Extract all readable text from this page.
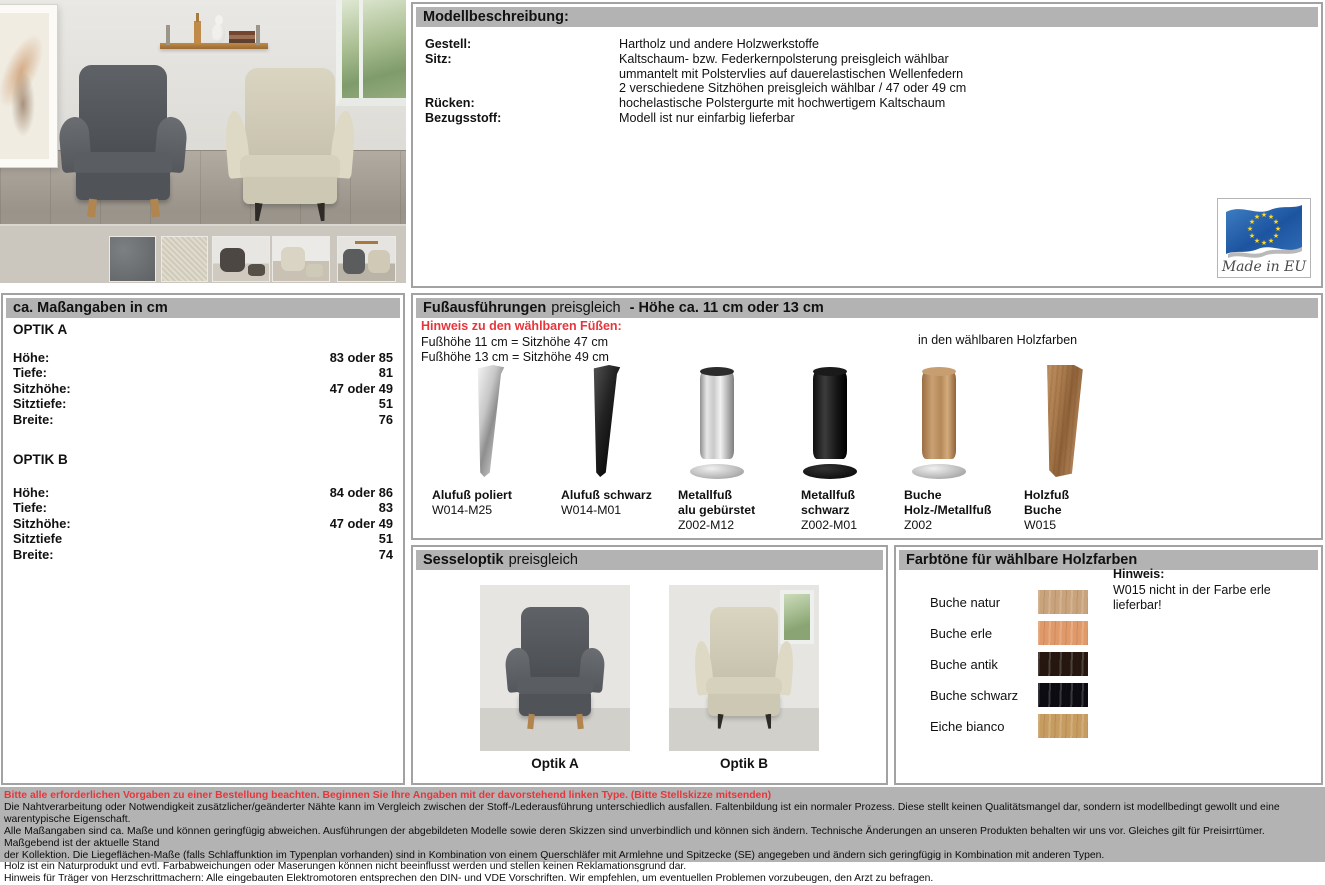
Modellbeschreibung:
Gestell:	Hartholz und andere Holzwerkstoffe
Sitz:	Kaltschaum- bzw. Federkernpolsterung preisgleich wählbar
ummantelt mit Polstervlies auf dauerelastischen Wellenfedern
2 verschiedene Sitzhöhen preisgleich wählbar / 47 oder 49 cm
Rücken:	hochelastische Polstergurte mit hochwertigem Kaltschaum
Bezugsstoff:	Modell ist nur einfarbig lieferbar
★ ★
★
★
★
★
★
★
★
★
★
★
Made in EU
ca. Maßangaben in cm
OPTIK A
Höhe:	83 oder 85
Tiefe:	81
Sitzhöhe:	47 oder 49
Sitztiefe:	51
Breite:	76
OPTIK B
Höhe:	84 oder 86
Tiefe:	83
Sitzhöhe:	47 oder 49
Sitztiefe	51
Breite:	74
Fußausführungen preisgleich - Höhe ca. 11 cm oder 13 cm
Hinweis zu den wählbaren Füßen:
Fußhöhe 11 cm = Sitzhöhe 47 cm
Fußhöhe 13 cm = Sitzhöhe 49 cm
in den wählbaren Holzfarben
Alufuß poliert
W014-M25
Alufuß schwarz
W014-M01
Metallfuß
alu gebürstet
Z002-M12
Metallfuß
schwarz
Z002-M01
Buche
Holz-/Metallfuß
Z002
Holzfuß
Buche
W015
Sesseloptik preisgleich
Optik A	Optik B
Farbtöne für wählbare Holzfarben
Hinweis:
W015 nicht in der Farbe erle lieferbar!
Buche natur
Buche erle
Buche antik
Buche schwarz
Eiche bianco
Bitte alle erforderlichen Vorgaben zu einer Bestellung beachten. Beginnen Sie Ihre Angaben mit der davorstehend linken Type. (Bitte Stellskizze mitsenden)
Die Nahtverarbeitung oder Notwendigkeit zusätzlicher/geänderter Nähte kann im Vergleich zwischen der Stoff-/Lederausführung unterschiedlich ausfallen. Faltenbildung ist ein normaler Prozess. Diese stellt keinen Qualitätsmangel dar, sondern ist modellbedingt gewollt und eine warentypische Eigenschaft.
Alle Maßangaben sind ca. Maße und können geringfügig abweichen. Ausführungen der abgebildeten Modelle sowie deren Skizzen sind unverbindlich und können sich ändern. Technische Änderungen an unseren Produkten behalten wir uns vor. Gleiches gilt für Preisirrtümer. Maßgebend ist der aktuelle Stand
der Kollektion. Die Liegeflächen-Maße (falls Schlaffunktion im Typenplan vorhanden) sind in Kombination von einem Querschläfer mit Armlehne und Spitzecke (SE) angegeben und ändern sich geringfügig in Kombination mit anderen Typen.
Holz ist ein Naturprodukt und evtl. Farbabweichungen oder Maserungen können nicht beeinflusst werden und stellen keinen Reklamationsgrund dar.
Hinweis für Träger von Herzschrittmachern: Alle eingebauten Elektromotoren entsprechen den DIN- und VDE Vorschriften. Wir empfehlen, um eventuellen Problemen vorzubeugen, den Arzt zu befragen.
